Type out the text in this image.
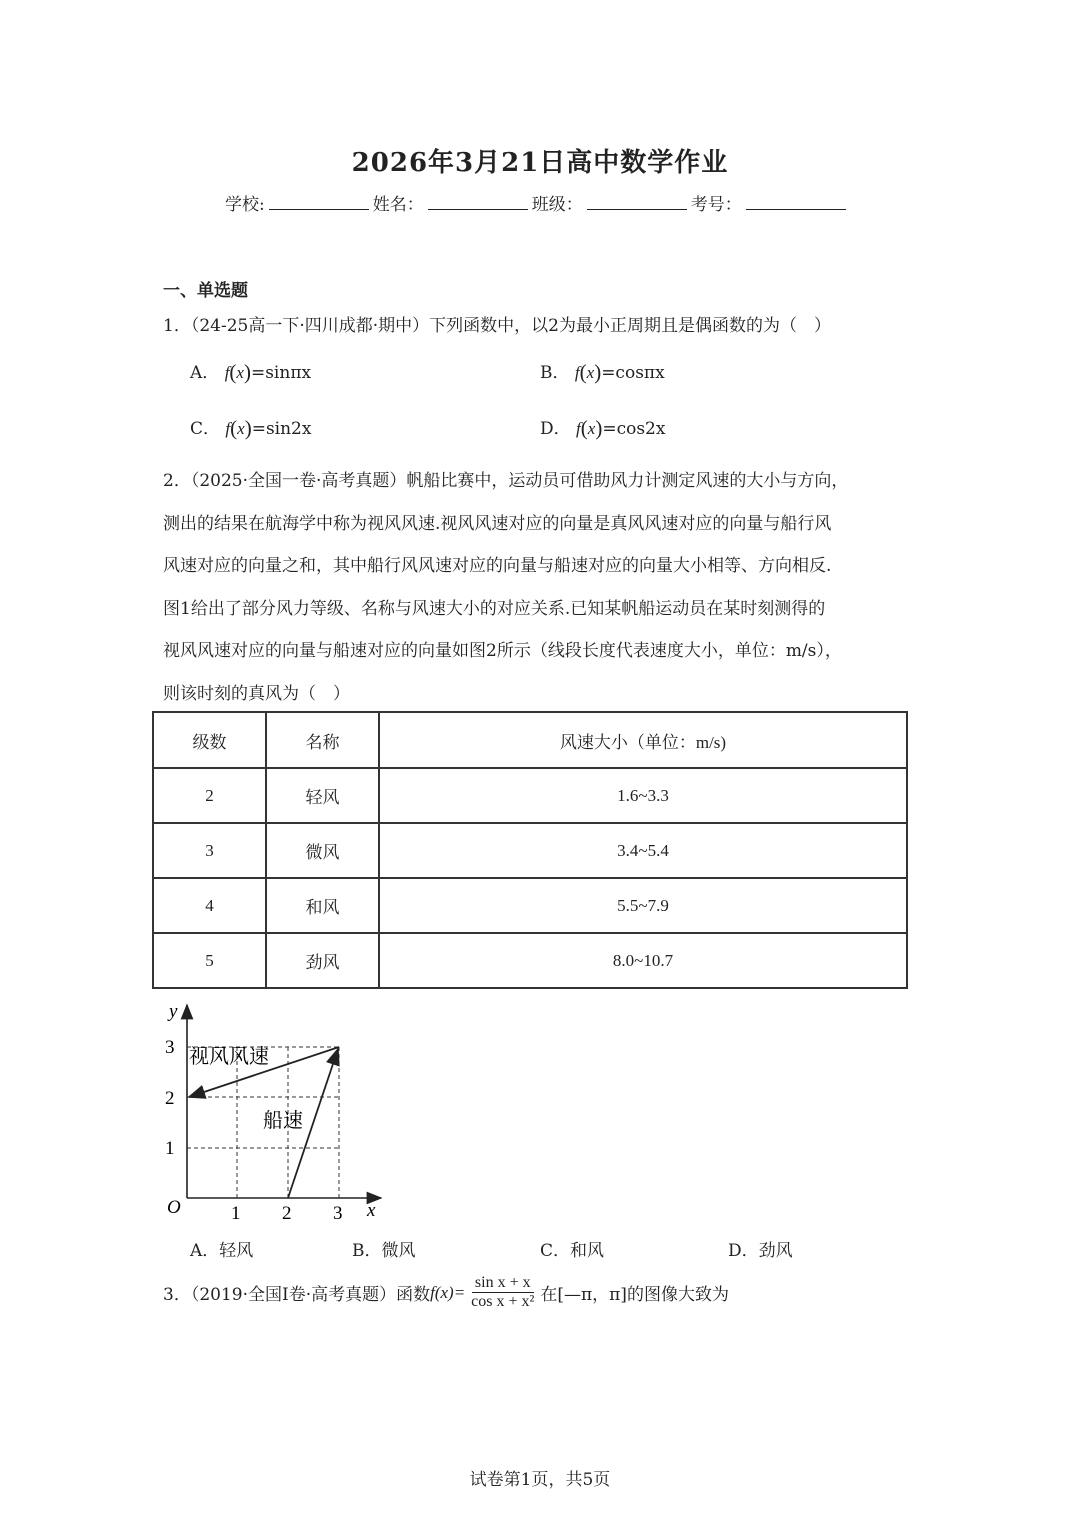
2026年3月21日高中数学作业
学校:	姓名：	班级：	考号：
一、单选题
1．（24-25高一下·四川成都·期中）下列函数中，以2为最小正周期且是偶函数的为（　）
A． f(x)=sinπx	B． f(x)=cosπx
C． f(x)=sin2x	D． f(x)=cos2x
2．（2025·全国一卷·高考真题）帆船比赛中，运动员可借助风力计测定风速的大小与方向，
测出的结果在航海学中称为视风风速.视风风速对应的向量是真风风速对应的向量与船行风
风速对应的向量之和，其中船行风风速对应的向量与船速对应的向量大小相等、方向相反.
图1给出了部分风力等级、名称与风速大小的对应关系.已知某帆船运动员在某时刻测得的
视风风速对应的向量与船速对应的向量如图2所示（线段长度代表速度大小，单位：m/s），
则该时刻的真风为（　）
级数	名称	风速大小（单位：m/s)
2	轻风	1.6~3.3
3	微风	3.4~5.4
4	和风	5.5~7.9
5	劲风	8.0~10.7
y
x
O
3
2
1
1 2 3
视风风速
船速
A．轻风	B．微风	C．和风	D．劲风
3．（2019·全国I卷·高考真题）函数 $f(x)= \frac{\text{sin x + x}}{\text{cos x + x²}}$ 在[—π，π]的图像大致为
试卷第1页，共5页
